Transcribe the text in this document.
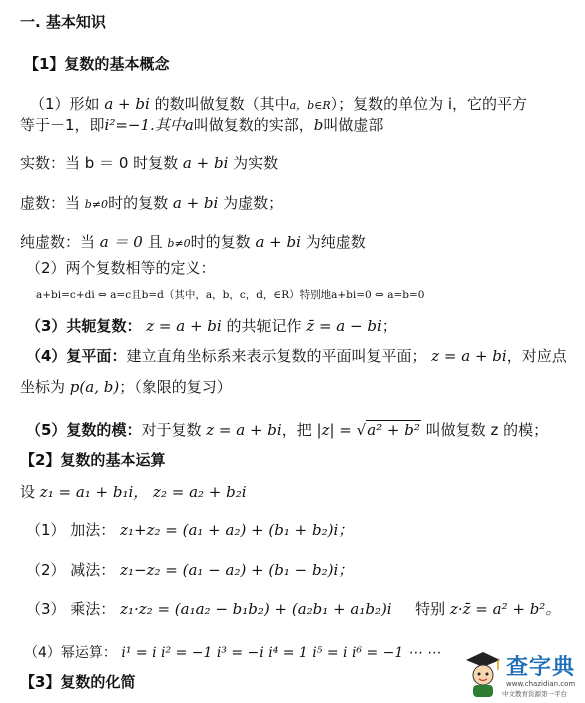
一. 基本知识
【1】复数的基本概念
（1）形如 a + bi 的数叫做复数（其中a，b∈R）；复数的单位为 i，它的平方
等于－1，即i²=−1.其中a叫做复数的实部，b叫做虚部
实数：当 b ＝ 0 时复数 a + bi 为实数
虚数：当 b≠0时的复数 a + bi 为虚数；
纯虚数：当 a ＝ 0 且 b≠0时的复数 a + bi 为纯虚数
（2）两个复数相等的定义：
a+bi=c+di ⇔ a=c且b=d（其中，a，b，c，d，∈R）特别地a+bi=0 ⇔ a=b=0
（3）共轭复数： z = a + bi 的共轭记作 z̄ = a − bi；
（4）复平面：建立直角坐标系来表示复数的平面叫复平面； z = a + bi，对应点
坐标为 p(a, b)；（象限的复习）
（5）复数的模：对于复数 z = a + bi，把 |z| = √a² + b² 叫做复数 z 的模；
【2】复数的基本运算
设 z₁ = a₁ + b₁i， z₂ = a₂ + b₂i
（1） 加法： z₁+z₂ = (a₁ + a₂) + (b₁ + b₂)i；
（2） 减法： z₁−z₂ = (a₁ − a₂) + (b₁ − b₂)i；
（3） 乘法： z₁·z₂ = (a₁a₂ − b₁b₂) + (a₂b₁ + a₁b₂)i 特别 z·z̄ = a² + b²。
（4）幂运算： i¹ = i i² = −1 i³ = −i i⁴ = 1 i⁵ = i i⁶ = −1 ⋯ ⋯
【3】复数的化简
查字典
www.chazidian.com
中文教育资源第一平台
